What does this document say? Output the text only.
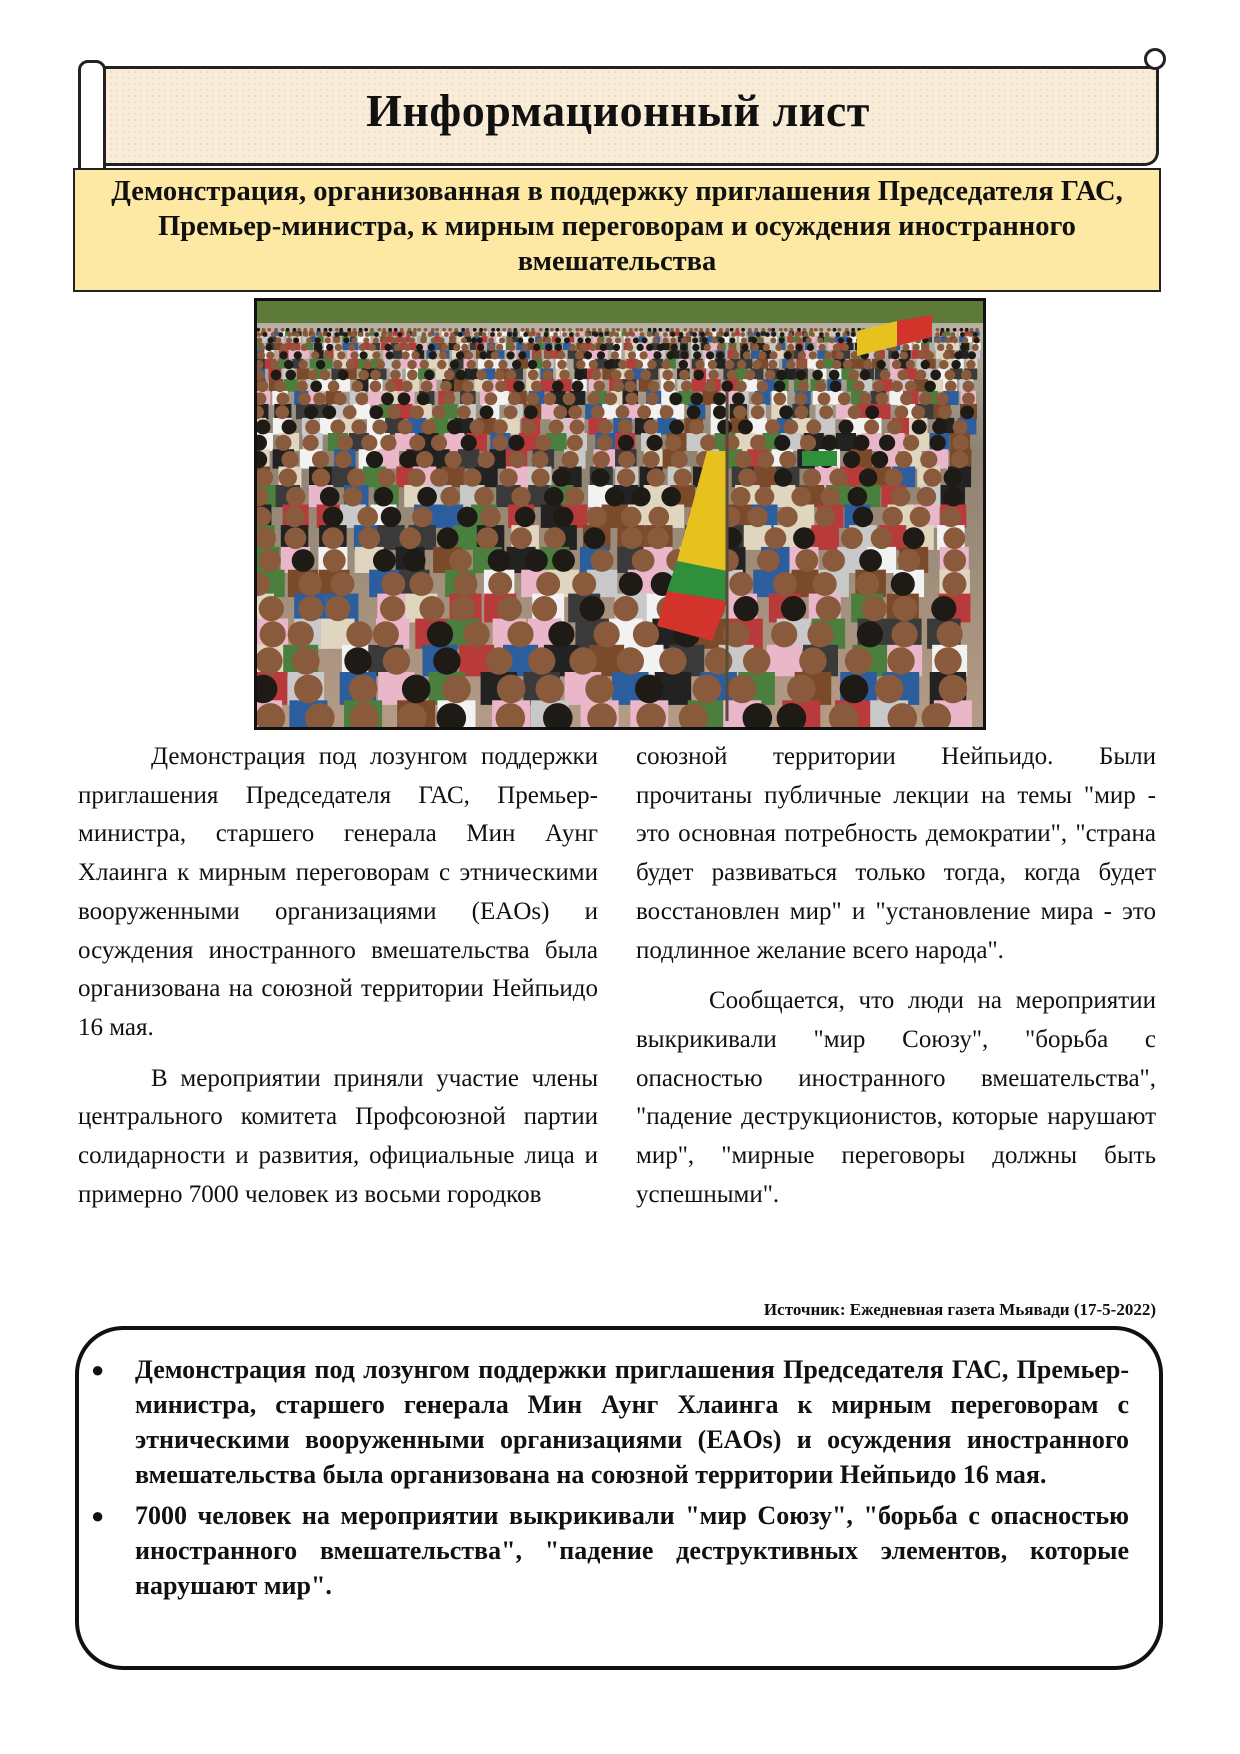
Информационный лист
Демонстрация, организованная в поддержку приглашения Председателя ГАС, Премьер-министра, к мирным переговорам и осуждения иностранного вмешательства

Демонстрация под лозунгом поддержки приглашения Председателя ГАС, Премьер-министра, старшего генерала Мин Аунг Хлаинга к мирным переговорам с этническими вооруженными организациями (EAOs) и осуждения иностранного вмешательства была организована на союзной территории Нейпьидо 16 мая.

В мероприятии приняли участие члены центрального комитета Профсоюзной партии солидарности и развития, официальные лица и примерно 7000 человек из восьми городков

союзной территории Нейпьидо. Были прочитаны публичные лекции на темы "мир - это основная потребность демократии", "страна будет развиваться только тогда, когда будет восстановлен мир" и "установление мира - это подлинное желание всего народа".

Сообщается, что люди на мероприятии выкрикивали "мир Союзу", "борьба с опасностью иностранного вмешательства", "падение деструкционистов, которые нарушают мир", "мирные переговоры должны быть успешными".

Источник: Ежедневная газета Мьявади (17-5-2022)
● Демонстрация под лозунгом поддержки приглашения Председателя ГАС, Премьер-министра, старшего генерала Мин Аунг Хлаинга к мирным переговорам с этническими вооруженными организациями (EAOs) и осуждения иностранного вмешательства была организована на союзной территории Нейпьидо 16 мая.
● 7000 человек на мероприятии выкрикивали "мир Союзу", "борьба с опасностью иностранного вмешательства", "падение деструктивных элементов, которые нарушают мир".
